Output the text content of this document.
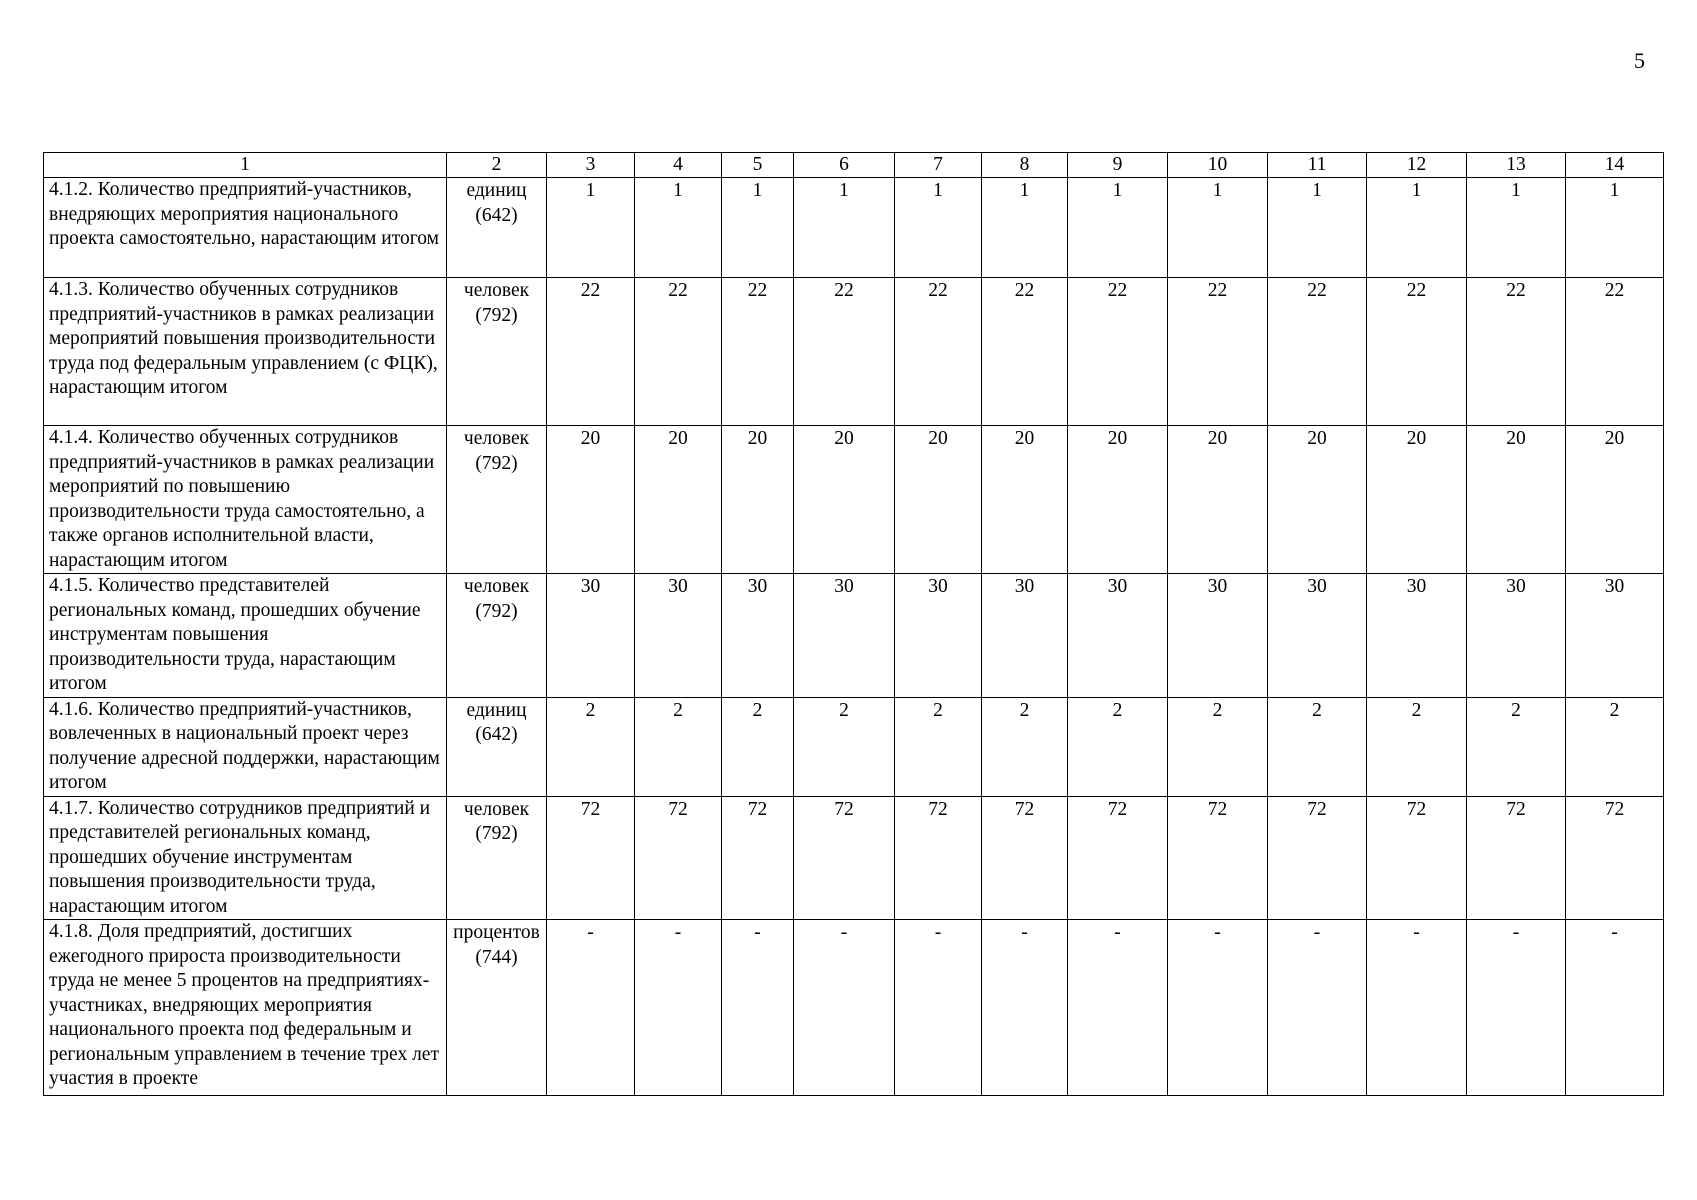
5
1	2	3	4	5	6	7	8	9	10	11	12	13	14
4.1.2. Количество предприятий-участников, внедряющих мероприятия национального проекта самостоятельно, нарастающим итогом	единиц (642)	1	1	1	1	1	1	1	1	1	1	1	1
4.1.3. Количество обученных сотрудников предприятий-участников в рамках реализации мероприятий повышения производительности труда под федеральным управлением (с ФЦК), нарастающим итогом	человек (792)	22	22	22	22	22	22	22	22	22	22	22	22
4.1.4. Количество обученных сотрудников предприятий-участников в рамках реализации мероприятий по повышению производительности труда самостоятельно, а также органов исполнительной власти, нарастающим итогом	человек (792)	20	20	20	20	20	20	20	20	20	20	20	20
4.1.5. Количество представителей региональных команд, прошедших обучение инструментам повышения производительности труда, нарастающим итогом	человек (792)	30	30	30	30	30	30	30	30	30	30	30	30
4.1.6. Количество предприятий-участников, вовлеченных в национальный проект через получение адресной поддержки, нарастающим итогом	единиц (642)	2	2	2	2	2	2	2	2	2	2	2	2
4.1.7. Количество сотрудников предприятий и представителей региональных команд, прошедших обучение инструментам повышения производительности труда, нарастающим итогом	человек (792)	72	72	72	72	72	72	72	72	72	72	72	72
4.1.8. Доля предприятий, достигших ежегодного прироста производительности труда не менее 5 процентов на предприятиях-участниках, внедряющих мероприятия национального проекта под федеральным и региональным управлением в течение трех лет участия в проекте	процентов (744)	-	-	-	-	-	-	-	-	-	-	-	-
